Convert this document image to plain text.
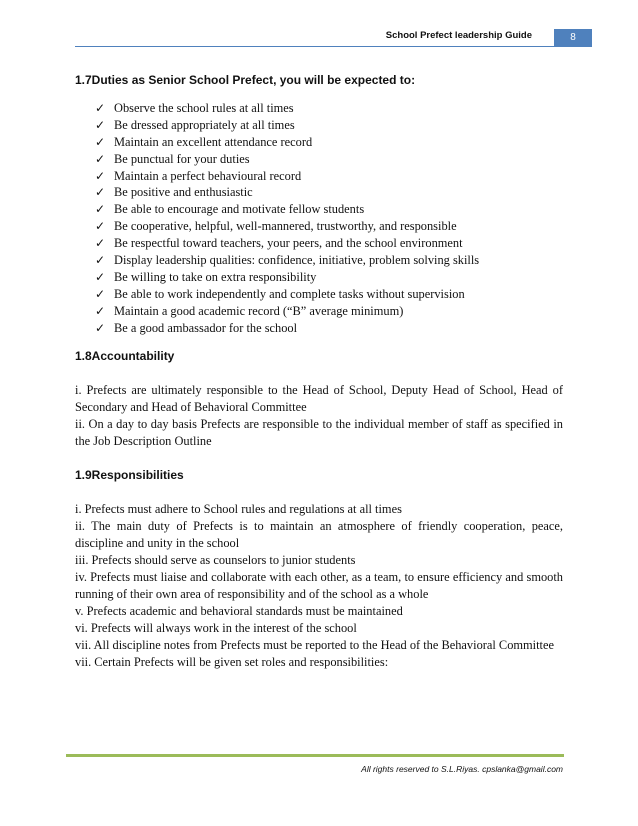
School Prefect leadership Guide	8
1.7Duties as Senior School Prefect, you will be expected to:
✓ Observe the school rules at all times
✓ Be dressed appropriately at all times
✓ Maintain an excellent attendance record
✓ Be punctual for your duties
✓ Maintain a perfect behavioural record
✓ Be positive and enthusiastic
✓ Be able to encourage and motivate fellow students
✓ Be cooperative, helpful, well-mannered, trustworthy, and responsible
✓ Be respectful toward teachers, your peers, and the school environment
✓ Display leadership qualities: confidence, initiative, problem solving skills
✓ Be willing to take on extra responsibility
✓ Be able to work independently and complete tasks without supervision
✓ Maintain a good academic record (“B” average minimum)
✓ Be a good ambassador for the school
1.8Accountability

i. Prefects are ultimately responsible to the Head of School, Deputy Head of School, Head of Secondary and Head of Behavioral Committee

ii. On a day to day basis Prefects are responsible to the individual member of staff as specified in the Job Description Outline

1.9Responsibilities

i. Prefects must adhere to School rules and regulations at all times

ii. The main duty of Prefects is to maintain an atmosphere of friendly cooperation, peace, discipline and unity in the school

iii. Prefects should serve as counselors to junior students

iv. Prefects must liaise and collaborate with each other, as a team, to ensure efficiency and smooth running of their own area of responsibility and of the school as a whole

v. Prefects academic and behavioral standards must be maintained

vi. Prefects will always work in the interest of the school

vii. All discipline notes from Prefects must be reported to the Head of the Behavioral Committee

vii. Certain Prefects will be given set roles and responsibilities:

All rights reserved to S.L.Riyas. cpslanka@gmail.com
